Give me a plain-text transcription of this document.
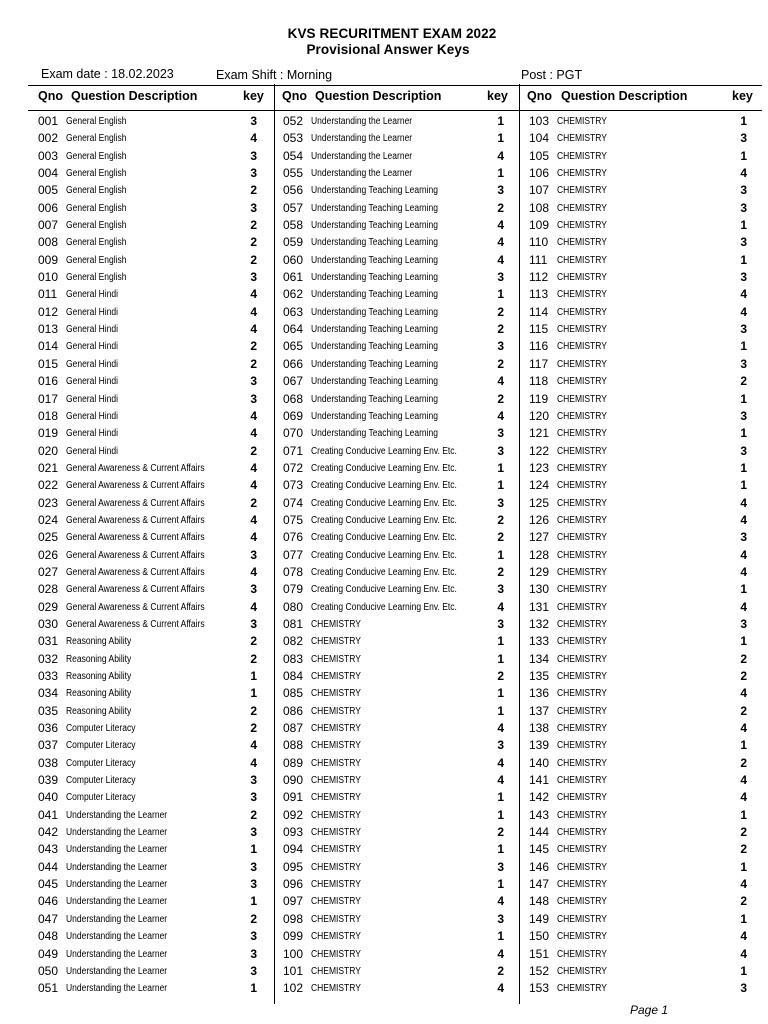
KVS RECURITMENT EXAM 2022
Provisional Answer Keys
Exam date : 18.02.2023	Exam Shift : Morning	Post : PGT
Qno Question Description	key Qno Question Description	key Qno Question Description	key
001 General English	3
002 General English	4
003 General English	3
004 General English	3
005 General English	2
006 General English	3
007 General English	2
008 General English	2
009 General English	2
010 General English	3
011 General Hindi	4
012 General Hindi	4
013 General Hindi	4
014 General Hindi	2
015 General Hindi	2
016 General Hindi	3
017 General Hindi	3
018 General Hindi	4
019 General Hindi	4
020 General Hindi	2
021 General Awareness & Current Affairs	4
022 General Awareness & Current Affairs	4
023 General Awareness & Current Affairs	2
024 General Awareness & Current Affairs	4
025 General Awareness & Current Affairs	4
026 General Awareness & Current Affairs	3
027 General Awareness & Current Affairs	4
028 General Awareness & Current Affairs	3
029 General Awareness & Current Affairs	4
030 General Awareness & Current Affairs	3
031 Reasoning Ability	2
032 Reasoning Ability	2
033 Reasoning Ability	1
034 Reasoning Ability	1
035 Reasoning Ability	2
036 Computer Literacy	2
037 Computer Literacy	4
038 Computer Literacy	4
039 Computer Literacy	3
040 Computer Literacy	3
041 Understanding the Learner	2
042 Understanding the Learner	3
043 Understanding the Learner	1
044 Understanding the Learner	3
045 Understanding the Learner	3
046 Understanding the Learner	1
047 Understanding the Learner	2
048 Understanding the Learner	3
049 Understanding the Learner	3
050 Understanding the Learner	3
051 Understanding the Learner	1
052 Understanding the Learner	1
053 Understanding the Learner	1
054 Understanding the Learner	4
055 Understanding the Learner	1
056 Understanding Teaching Learning	3
057 Understanding Teaching Learning	2
058 Understanding Teaching Learning	4
059 Understanding Teaching Learning	4
060 Understanding Teaching Learning	4
061 Understanding Teaching Learning	3
062 Understanding Teaching Learning	1
063 Understanding Teaching Learning	2
064 Understanding Teaching Learning	2
065 Understanding Teaching Learning	3
066 Understanding Teaching Learning	2
067 Understanding Teaching Learning	4
068 Understanding Teaching Learning	2
069 Understanding Teaching Learning	4
070 Understanding Teaching Learning	3
071 Creating Conducive Learning Env. Etc.	3
072 Creating Conducive Learning Env. Etc.	1
073 Creating Conducive Learning Env. Etc.	1
074 Creating Conducive Learning Env. Etc.	3
075 Creating Conducive Learning Env. Etc.	2
076 Creating Conducive Learning Env. Etc.	2
077 Creating Conducive Learning Env. Etc.	1
078 Creating Conducive Learning Env. Etc.	2
079 Creating Conducive Learning Env. Etc.	3
080 Creating Conducive Learning Env. Etc.	4
081 CHEMISTRY	3
082 CHEMISTRY	1
083 CHEMISTRY	1
084 CHEMISTRY	2
085 CHEMISTRY	1
086 CHEMISTRY	1
087 CHEMISTRY	4
088 CHEMISTRY	3
089 CHEMISTRY	4
090 CHEMISTRY	4
091 CHEMISTRY	1
092 CHEMISTRY	1
093 CHEMISTRY	2
094 CHEMISTRY	1
095 CHEMISTRY	3
096 CHEMISTRY	1
097 CHEMISTRY	4
098 CHEMISTRY	3
099 CHEMISTRY	1
100 CHEMISTRY	4
101 CHEMISTRY	2
102 CHEMISTRY	4
103 CHEMISTRY	1
104 CHEMISTRY	3
105 CHEMISTRY	1
106 CHEMISTRY	4
107 CHEMISTRY	3
108 CHEMISTRY	3
109 CHEMISTRY	1
110 CHEMISTRY	3
111 CHEMISTRY	1
112 CHEMISTRY	3
113 CHEMISTRY	4
114 CHEMISTRY	4
115 CHEMISTRY	3
116 CHEMISTRY	1
117 CHEMISTRY	3
118 CHEMISTRY	2
119 CHEMISTRY	1
120 CHEMISTRY	3
121 CHEMISTRY	1
122 CHEMISTRY	3
123 CHEMISTRY	1
124 CHEMISTRY	1
125 CHEMISTRY	4
126 CHEMISTRY	4
127 CHEMISTRY	3
128 CHEMISTRY	4
129 CHEMISTRY	4
130 CHEMISTRY	1
131 CHEMISTRY	4
132 CHEMISTRY	3
133 CHEMISTRY	1
134 CHEMISTRY	2
135 CHEMISTRY	2
136 CHEMISTRY	4
137 CHEMISTRY	2
138 CHEMISTRY	4
139 CHEMISTRY	1
140 CHEMISTRY	2
141 CHEMISTRY	4
142 CHEMISTRY	4
143 CHEMISTRY	1
144 CHEMISTRY	2
145 CHEMISTRY	2
146 CHEMISTRY	1
147 CHEMISTRY	4
148 CHEMISTRY	2
149 CHEMISTRY	1
150 CHEMISTRY	4
151 CHEMISTRY	4
152 CHEMISTRY	1
153 CHEMISTRY	3
Page 1
